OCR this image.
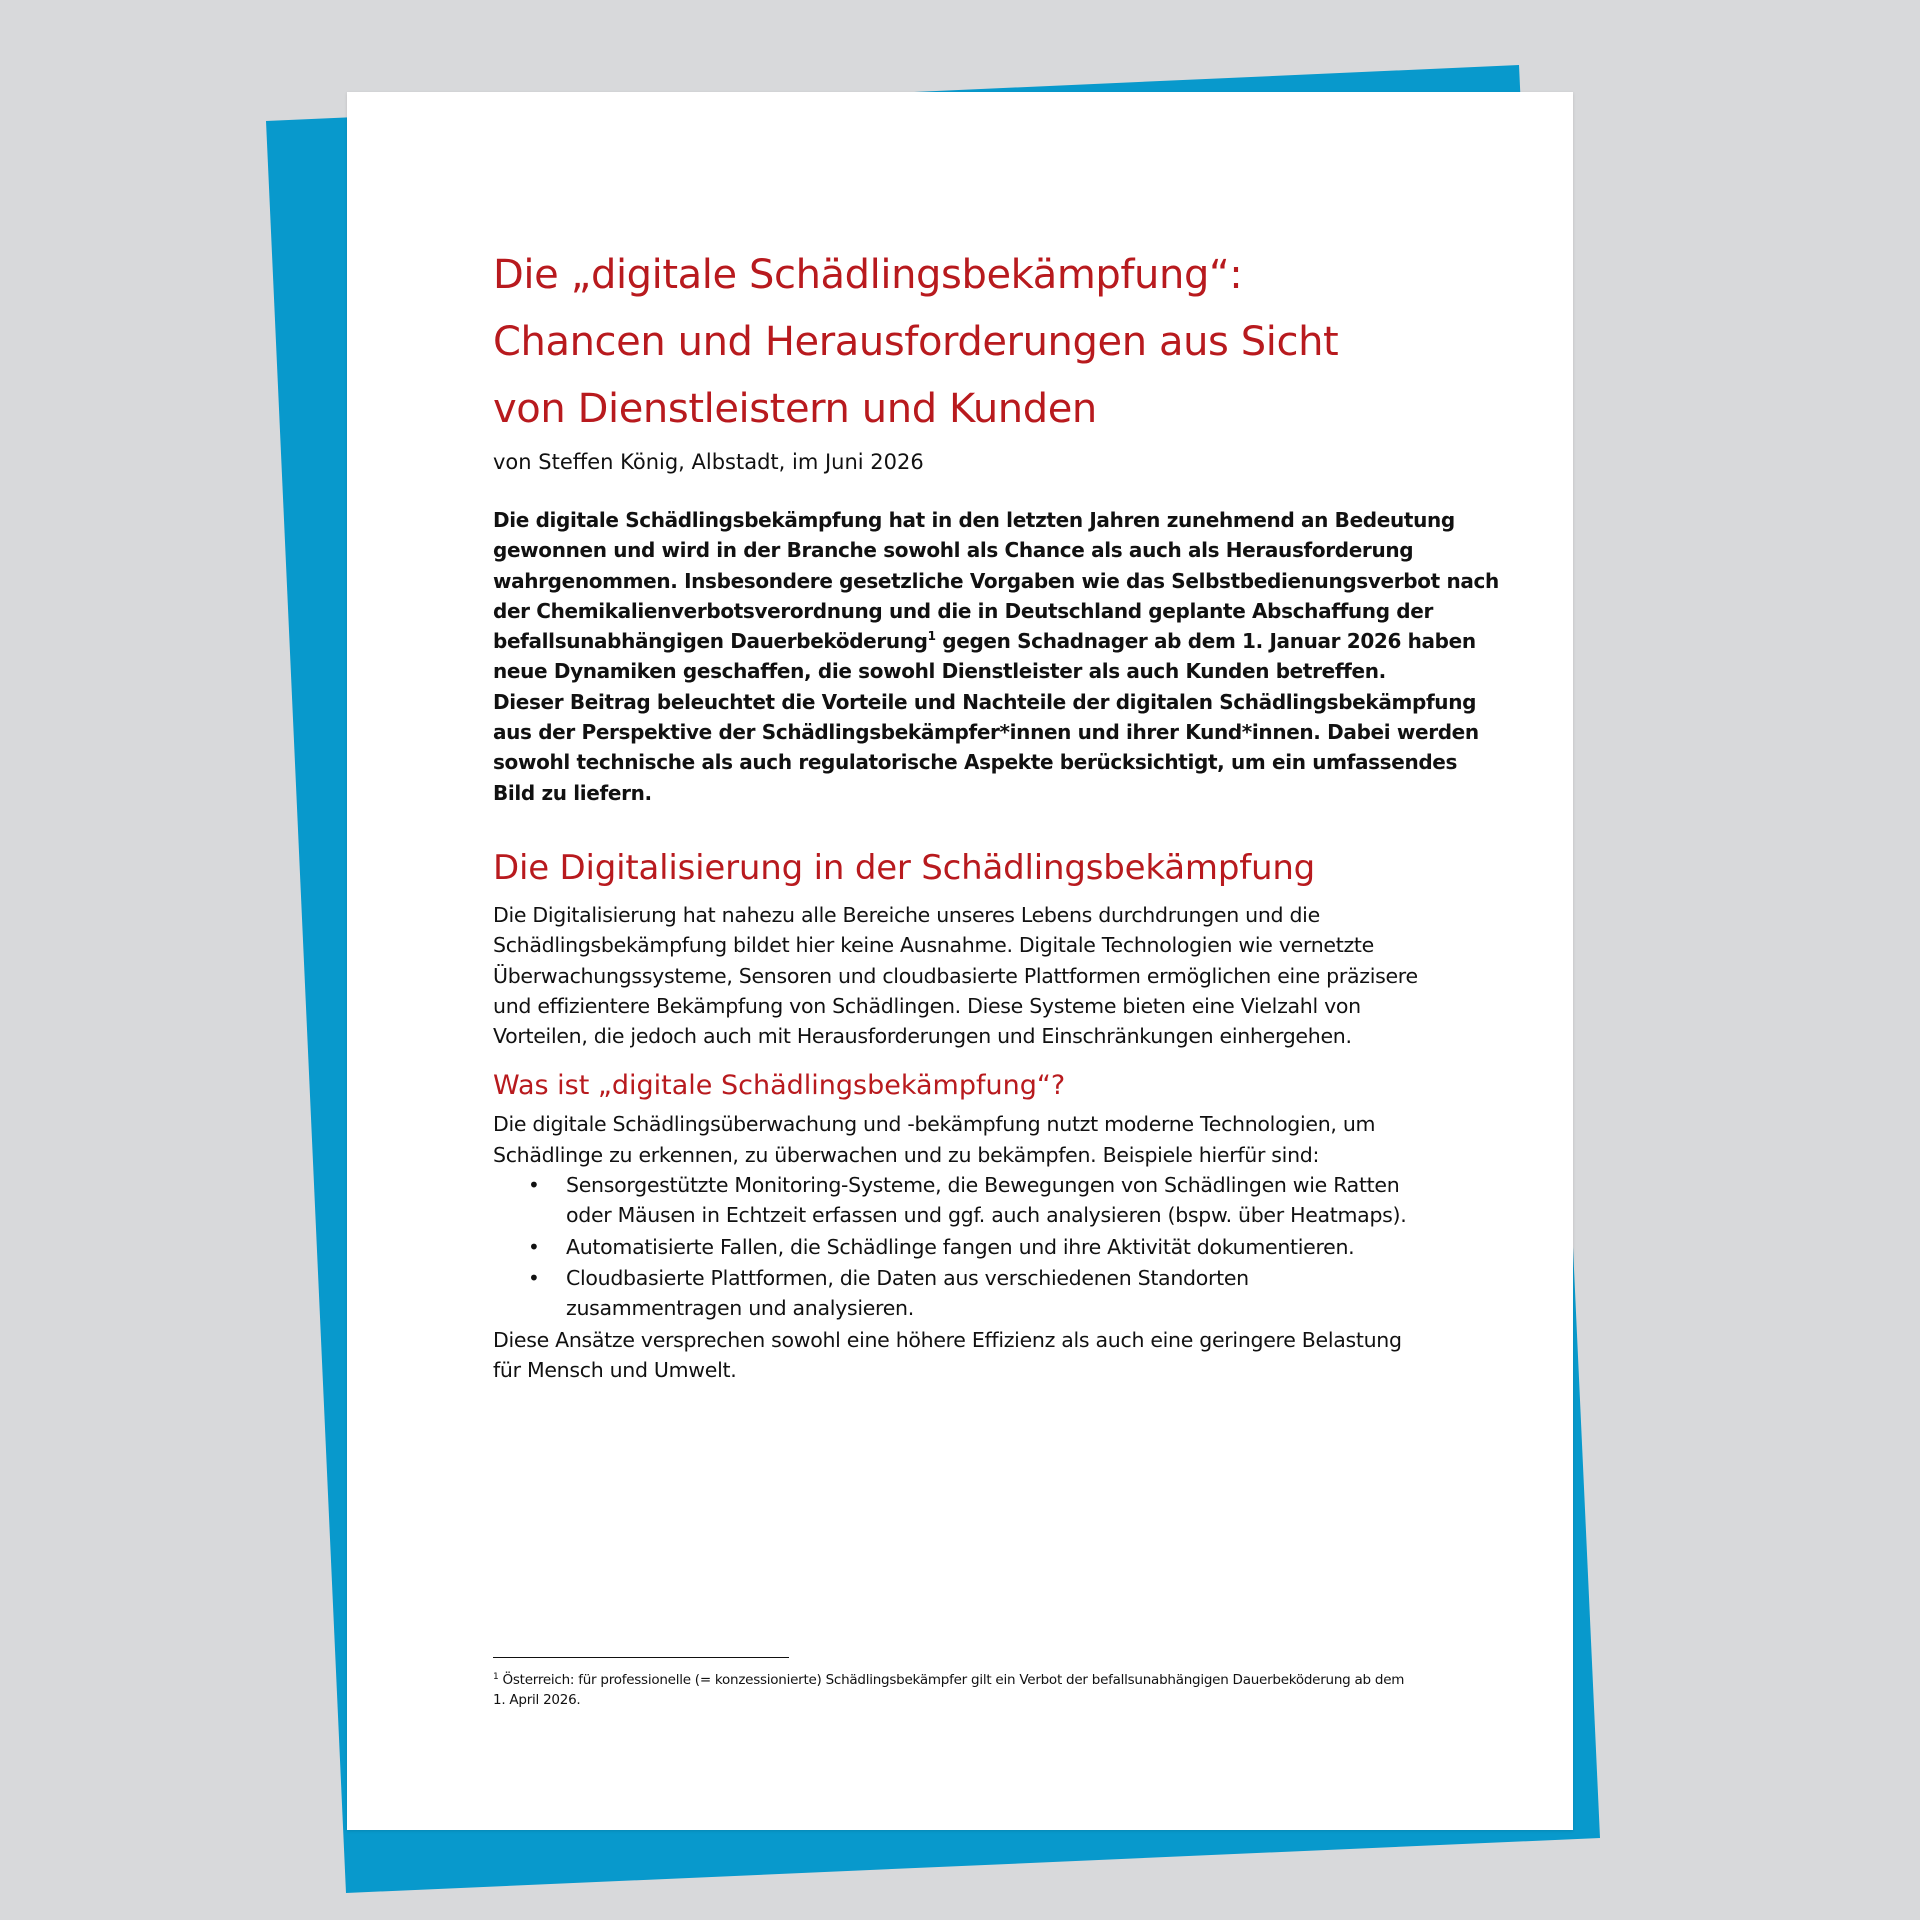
Die „digitale Schädlingsbekämpfung“:
Chancen und Herausforderungen aus Sicht
von Dienstleistern und Kunden

von Steffen König, Albstadt, im Juni 2026

Die digitale Schädlingsbekämpfung hat in den letzten Jahren zunehmend an Bedeutung
gewonnen und wird in der Branche sowohl als Chance als auch als Herausforderung
wahrgenommen. Insbesondere gesetzliche Vorgaben wie das Selbstbedienungsverbot nach
der Chemikalienverbotsverordnung und die in Deutschland geplante Abschaffung der
befallsunabhängigen Dauerbeköderung$^1$ gegen Schadnager ab dem 1. Januar 2026 haben
neue Dynamiken geschaffen, die sowohl Dienstleister als auch Kunden betreffen.
Dieser Beitrag beleuchtet die Vorteile und Nachteile der digitalen Schädlingsbekämpfung
aus der Perspektive der Schädlingsbekämpfer*innen und ihrer Kund*innen. Dabei werden
sowohl technische als auch regulatorische Aspekte berücksichtigt, um ein umfassendes
Bild zu liefern.
Die Digitalisierung in der Schädlingsbekämpfung
Die Digitalisierung hat nahezu alle Bereiche unseres Lebens durchdrungen und die
Schädlingsbekämpfung bildet hier keine Ausnahme. Digitale Technologien wie vernetzte
Überwachungssysteme, Sensoren und cloudbasierte Plattformen ermöglichen eine präzisere
und effizientere Bekämpfung von Schädlingen. Diese Systeme bieten eine Vielzahl von
Vorteilen, die jedoch auch mit Herausforderungen und Einschränkungen einhergehen.
Was ist „digitale Schädlingsbekämpfung“?
Die digitale Schädlingsüberwachung und -bekämpfung nutzt moderne Technologien, um
Schädlinge zu erkennen, zu überwachen und zu bekämpfen. Beispiele hierfür sind:
• Sensorgestützte Monitoring-Systeme, die Bewegungen von Schädlingen wie Ratten
oder Mäusen in Echtzeit erfassen und ggf. auch analysieren (bspw. über Heatmaps).
• Automatisierte Fallen, die Schädlinge fangen und ihre Aktivität dokumentieren.
• Cloudbasierte Plattformen, die Daten aus verschiedenen Standorten
zusammentragen und analysieren.
Diese Ansätze versprechen sowohl eine höhere Effizienz als auch eine geringere Belastung
für Mensch und Umwelt.
$^1$ Österreich: für professionelle (= konzessionierte) Schädlingsbekämpfer gilt ein Verbot der befallsunabhängigen Dauerbeköderung ab dem
1. April 2026.
